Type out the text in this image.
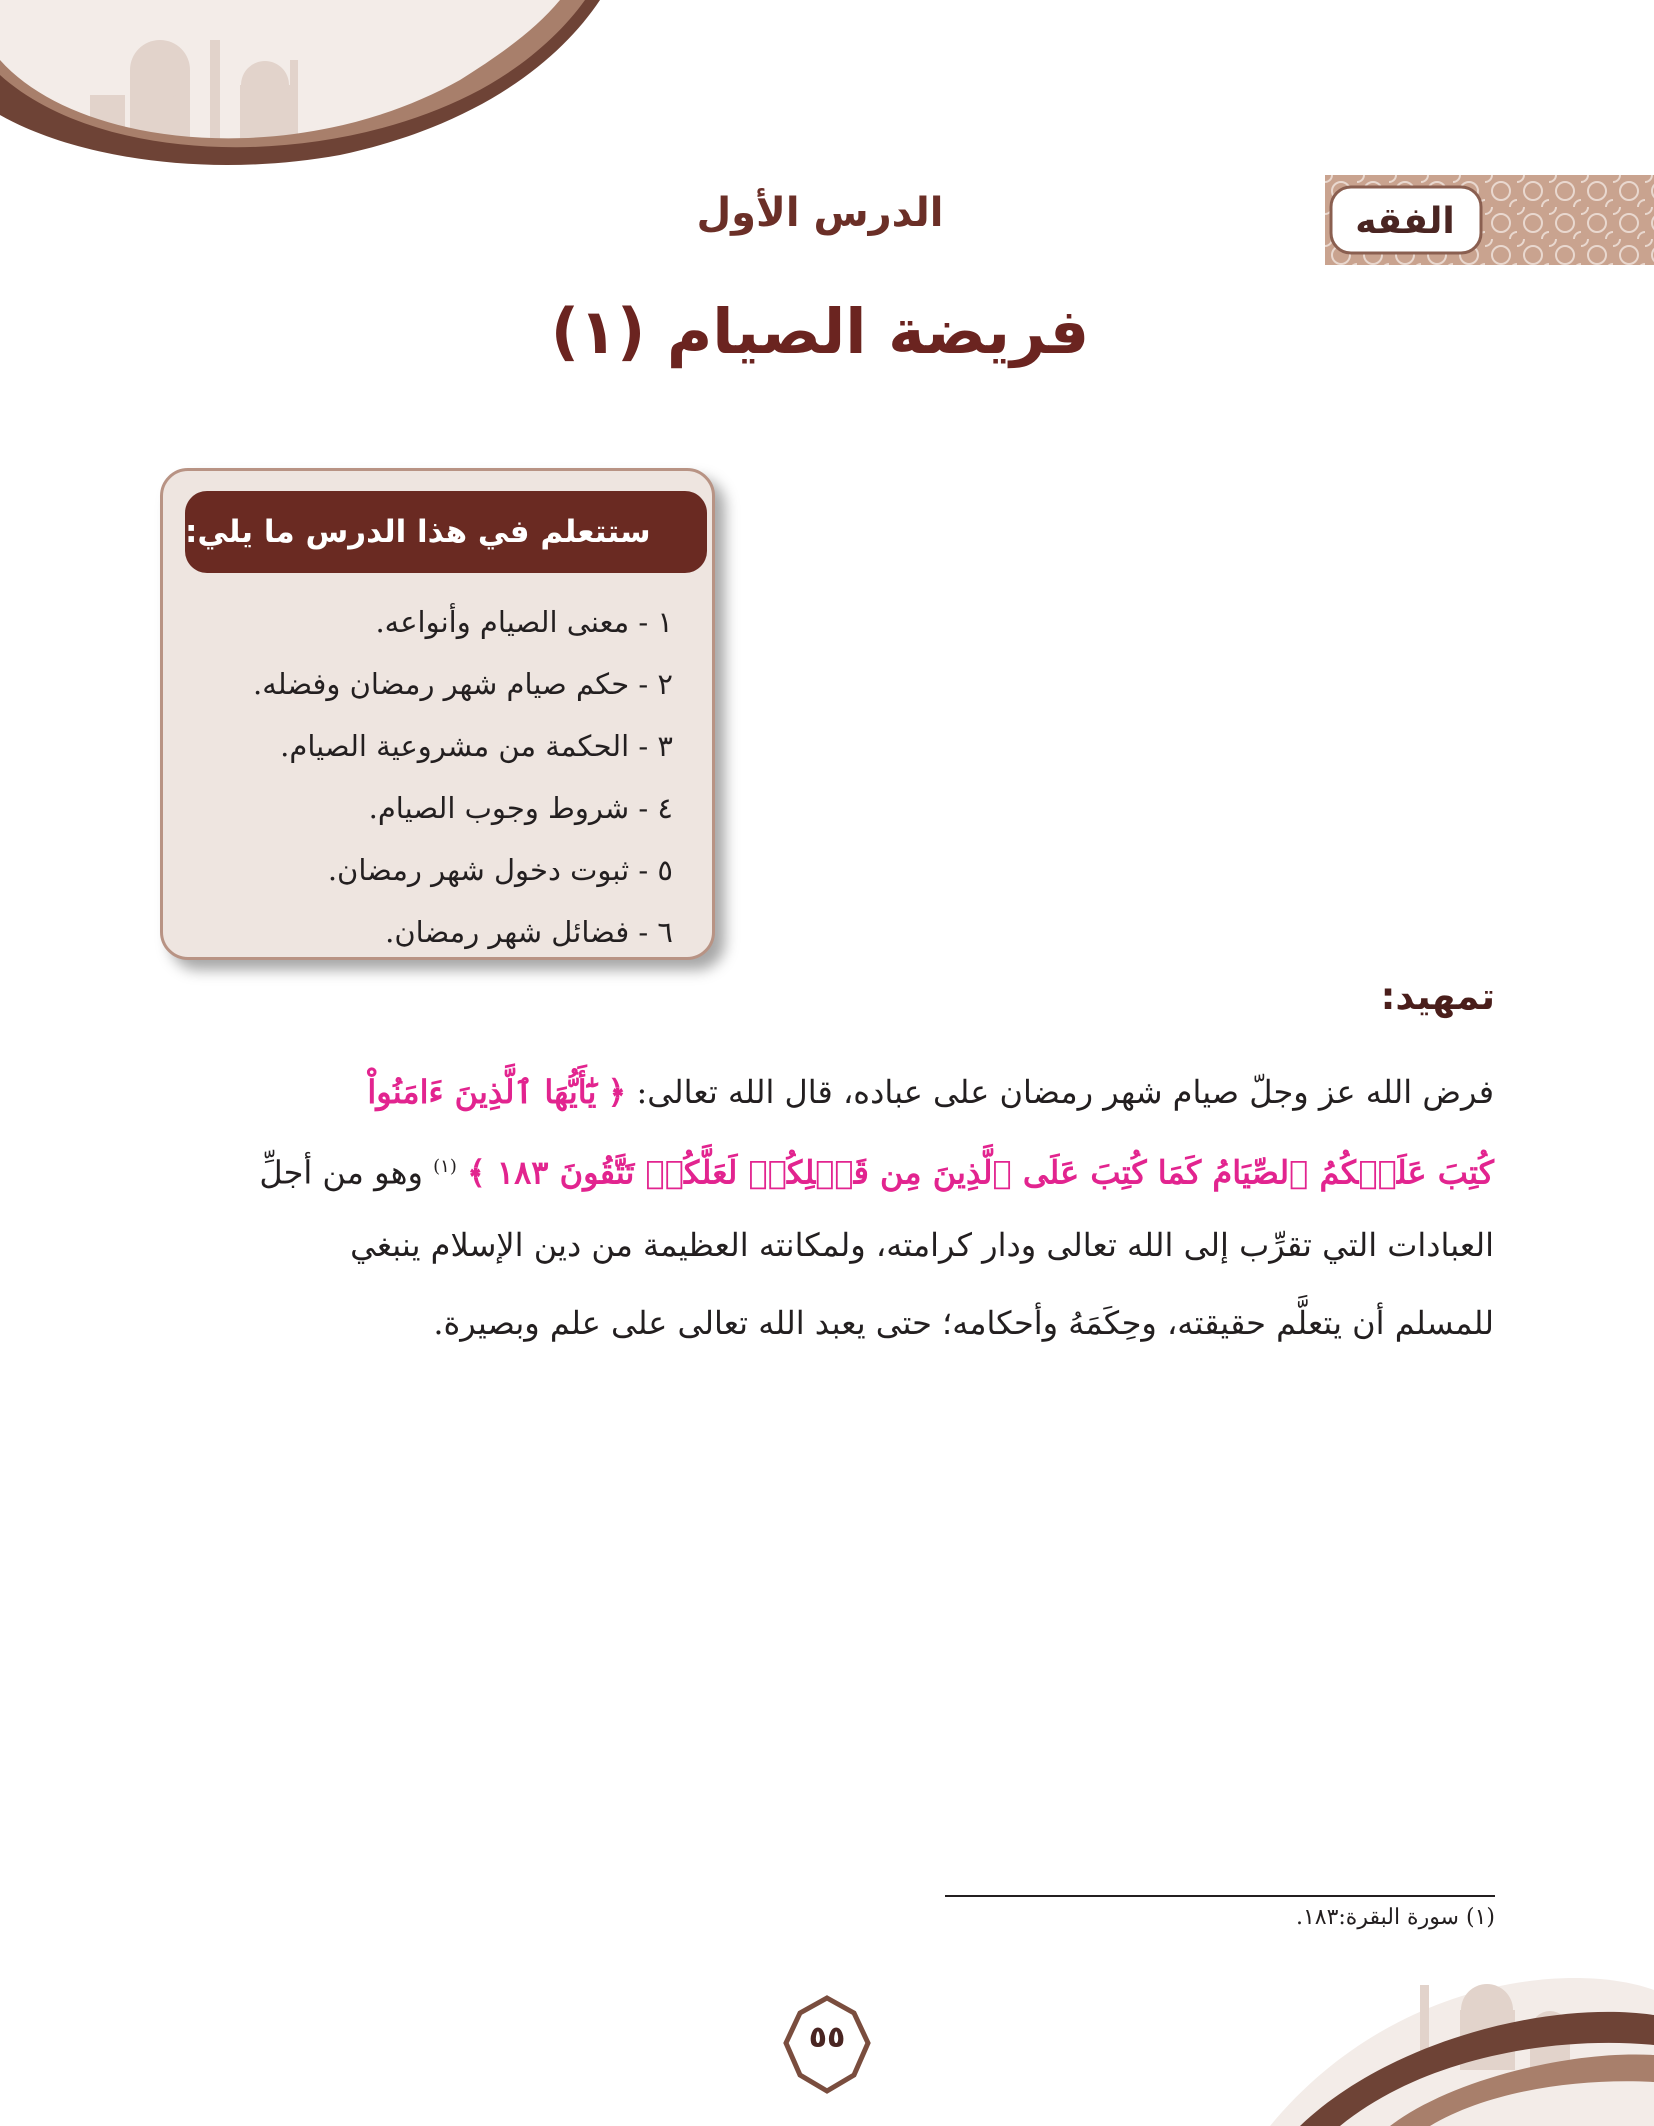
الفقه
الدرس الأول
فريضة الصيام (١)
ستتعلم في هذا الدرس ما يلي:
١ - معنى الصيام وأنواعه.
٢ - حكم صيام شهر رمضان وفضله.
٣ - الحكمة من مشروعية الصيام.
٤ - شروط وجوب الصيام.
٥ - ثبوت دخول شهر رمضان.
٦ - فضائل شهر رمضان.
تمهيد:
فرض الله عز وجلّ صيام شهر رمضان على عباده، قال الله تعالى: ﴿ يَٰٓأَيُّهَا ٱلَّذِينَ ءَامَنُواْ
كُتِبَ عَلَيۡكُمُ ٱلصِّيَامُ كَمَا كُتِبَ عَلَى ٱلَّذِينَ مِن قَبۡلِكُمۡ لَعَلَّكُمۡ تَتَّقُونَ ١٨٣ ﴾ $^{(١)}$ وهو من أجلِّ
العبادات التي تقرِّب إلى الله تعالى ودار كرامته، ولمكانته العظيمة من دين الإسلام ينبغي
للمسلم أن يتعلَّم حقيقته، وحِكَمَهُ وأحكامه؛ حتى يعبد الله تعالى على علم وبصيرة.
(١) سورة البقرة:١٨٣.
٥٥
